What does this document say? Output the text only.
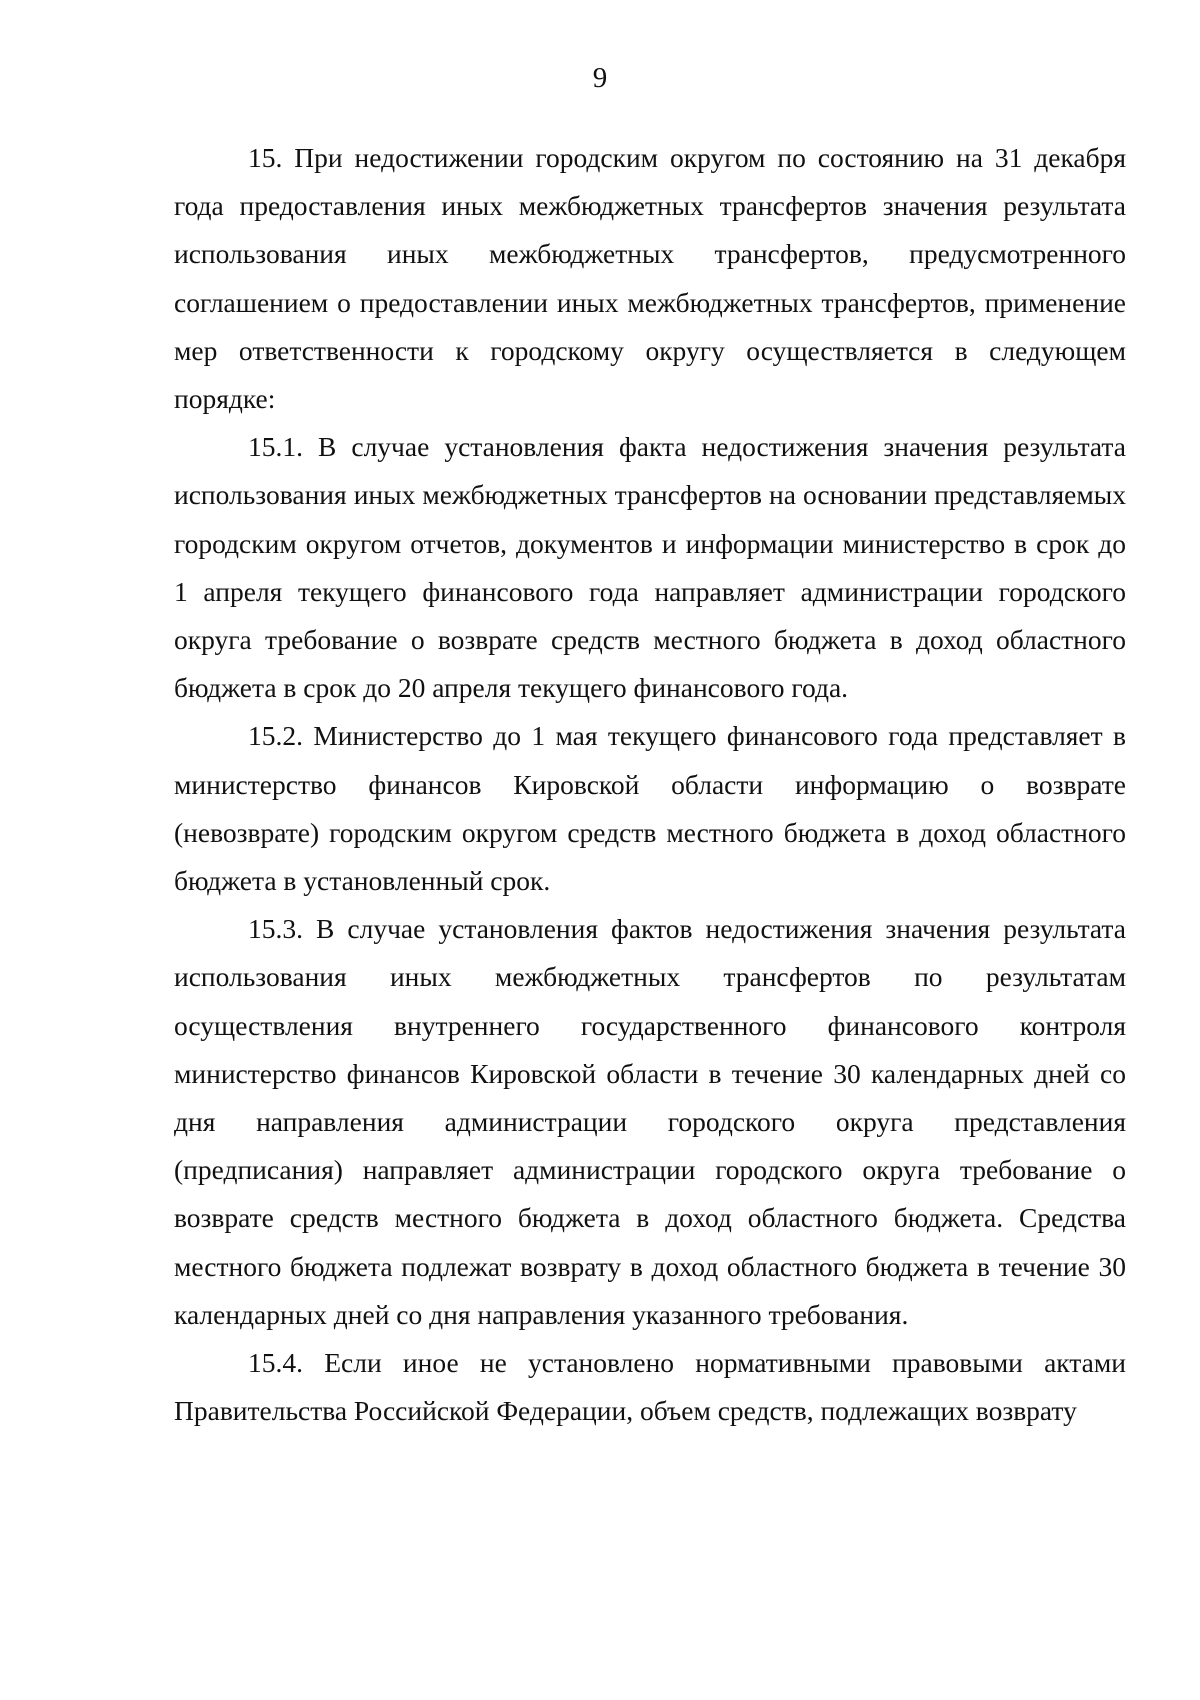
9

15. При недостижении городским округом по состоянию на 31 декабря года предоставления иных межбюджетных трансфертов значения результата использования иных межбюджетных трансфертов, предусмотренного соглашением о предоставлении иных межбюджетных трансфертов, применение мер ответственности к городскому округу осуществляется в следующем порядке:

15.1. В случае установления факта недостижения значения результата использования иных межбюджетных трансфертов на основании представляемых городским округом отчетов, документов и информации министерство в срок до 1 апреля текущего финансового года направляет администрации городского округа требование о возврате средств местного бюджета в доход областного бюджета в срок до 20 апреля текущего финансового года.

15.2. Министерство до 1 мая текущего финансового года представляет в министерство финансов Кировской области информацию о возврате (невозврате) городским округом средств местного бюджета в доход областного бюджета в установленный срок.

15.3. В случае установления фактов недостижения значения результата использования иных межбюджетных трансфертов по результатам осуществления внутреннего государственного финансового контроля министерство финансов Кировской области в течение 30 календарных дней со дня направления администрации городского округа представления (предписания) направляет администрации городского округа требование о возврате средств местного бюджета в доход областного бюджета. Средства местного бюджета подлежат возврату в доход областного бюджета в течение 30 календарных дней со дня направления указанного требования.

15.4. Если иное не установлено нормативными правовыми актами Правительства Российской Федерации, объем средств, подлежащих возврату
